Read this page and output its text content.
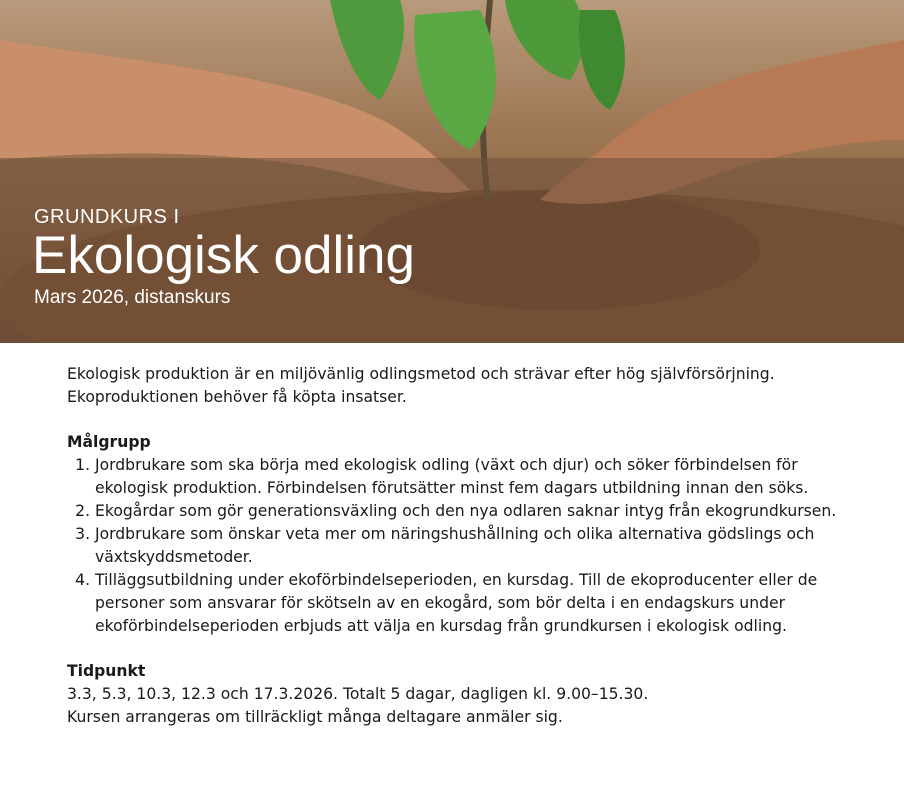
GRUNDKURS I
Ekologisk odling
Mars 2026, distanskurs

Ekologisk produktion är en miljövänlig odlingsmetod och strävar efter hög självförsörjning. Ekoproduktionen behöver få köpta insatser.

Målgrupp

1. Jordbrukare som ska börja med ekologisk odling (växt och djur) och söker förbindelsen för ekologisk produktion. Förbindelsen förutsätter minst fem dagars utbildning innan den söks.
2. Ekogårdar som gör generationsväxling och den nya odlaren saknar intyg från ekogrundkursen.
3. Jordbrukare som önskar veta mer om näringshushållning och olika alternativa gödslings och växtskyddsmetoder.
4. Tilläggsutbildning under ekoförbindelseperioden, en kursdag. Till de ekoproducenter eller de personer som ansvarar för skötseln av en ekogård, som bör delta i en endagskurs under ekoförbindelseperioden erbjuds att välja en kursdag från grundkursen i ekologisk odling.

Tidpunkt

3.3, 5.3, 10.3, 12.3 och 17.3.2026. Totalt 5 dagar, dagligen kl. 9.00–15.30.

Kursen arrangeras om tillräckligt många deltagare anmäler sig.
